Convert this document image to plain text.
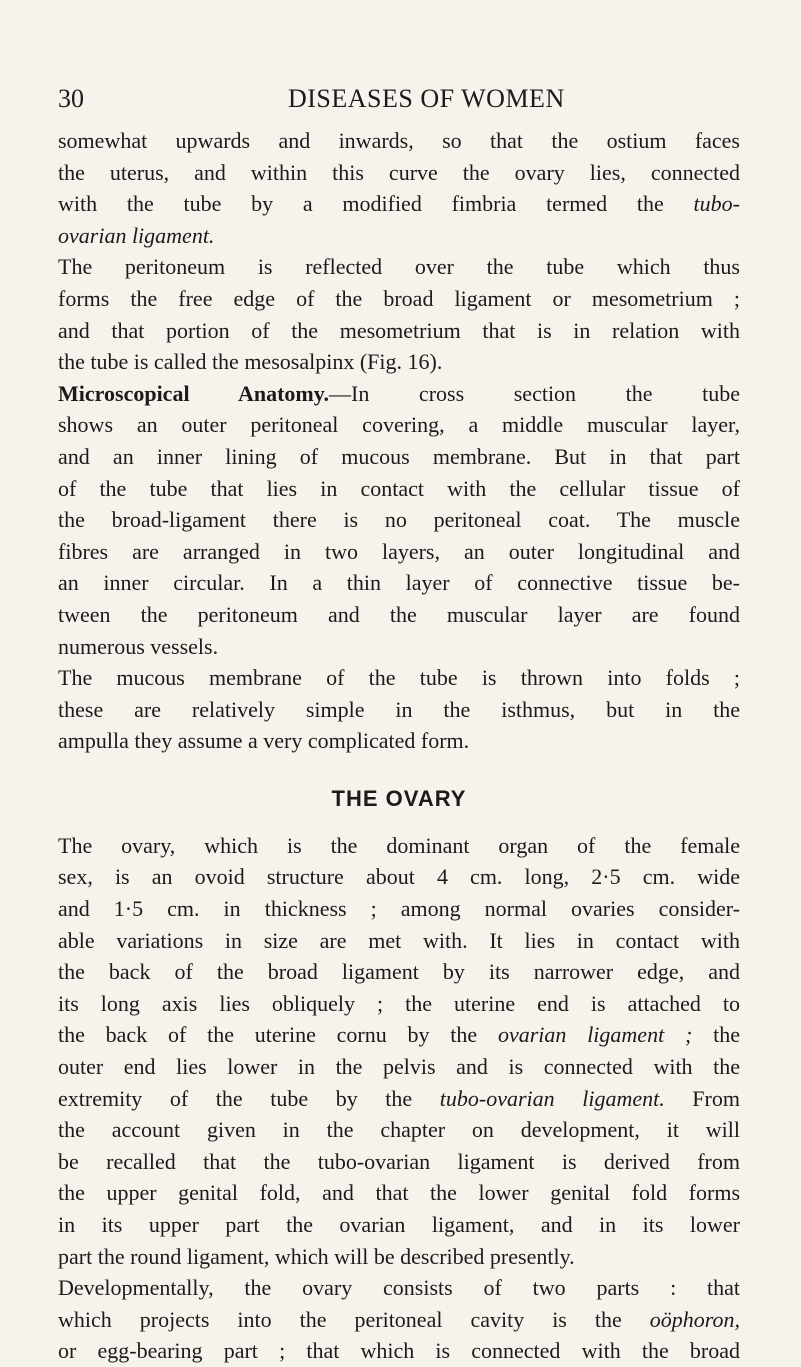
30	DISEASES OF WOMEN
somewhat upwards and inwards, so that the ostium faces
the uterus, and within this curve the ovary lies, connected
with the tube by a modified fimbria termed the tubo-
ovarian ligament.
The peritoneum is reflected over the tube which thus
forms the free edge of the broad ligament or mesometrium ;
and that portion of the mesometrium that is in relation with
the tube is called the mesosalpinx (Fig. 16).
Microscopical Anatomy.—In cross section the tube
shows an outer peritoneal covering, a middle muscular layer,
and an inner lining of mucous membrane. But in that part
of the tube that lies in contact with the cellular tissue of
the broad-ligament there is no peritoneal coat. The muscle
fibres are arranged in two layers, an outer longitudinal and
an inner circular. In a thin layer of connective tissue be-
tween the peritoneum and the muscular layer are found
numerous vessels.
The mucous membrane of the tube is thrown into folds ;
these are relatively simple in the isthmus, but in the
ampulla they assume a very complicated form.
THE OVARY
The ovary, which is the dominant organ of the female
sex, is an ovoid structure about 4 cm. long, 2·5 cm. wide
and 1·5 cm. in thickness ; among normal ovaries consider-
able variations in size are met with. It lies in contact with
the back of the broad ligament by its narrower edge, and
its long axis lies obliquely ; the uterine end is attached to
the back of the uterine cornu by the ovarian ligament ; the
outer end lies lower in the pelvis and is connected with the
extremity of the tube by the tubo-ovarian ligament. From
the account given in the chapter on development, it will
be recalled that the tubo-ovarian ligament is derived from
the upper genital fold, and that the lower genital fold forms
in its upper part the ovarian ligament, and in its lower
part the round ligament, which will be described presently.
Developmentally, the ovary consists of two parts : that
which projects into the peritoneal cavity is the oöphoron,
or egg-bearing part ; that which is connected with the broad
